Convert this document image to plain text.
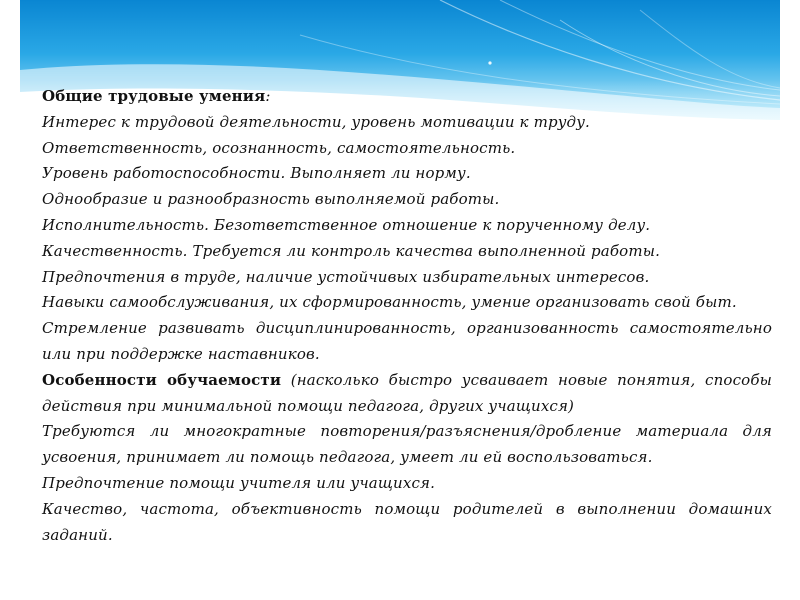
Общие трудовые умения:

Интерес к трудовой деятельности, уровень мотивации к труду.

Ответственность, осознанность, самостоятельность.

Уровень работоспособности. Выполняет ли норму.

Однообразие и разнообразность выполняемой работы.

Исполнительность. Безответственное отношение к порученному делу.

Качественность. Требуется ли контроль качества выполненной работы.

Предпочтения в труде, наличие устойчивых избирательных интересов.

Навыки самообслуживания, их сформированность, умение организовать свой быт.

Стремление развивать дисциплинированность, организованность самостоятельно или при поддержке наставников.

Особенности обучаемости (насколько быстро усваивает новые понятия, способы действия при минимальной помощи педагога, других учащихся)

Требуются ли многократные повторения/разъяснения/дробление материала для усвоения, принимает ли помощь педагога, умеет ли ей воспользоваться.

Предпочтение помощи учителя или учащихся.

Качество, частота, объективность помощи родителей в выполнении домашних заданий.
